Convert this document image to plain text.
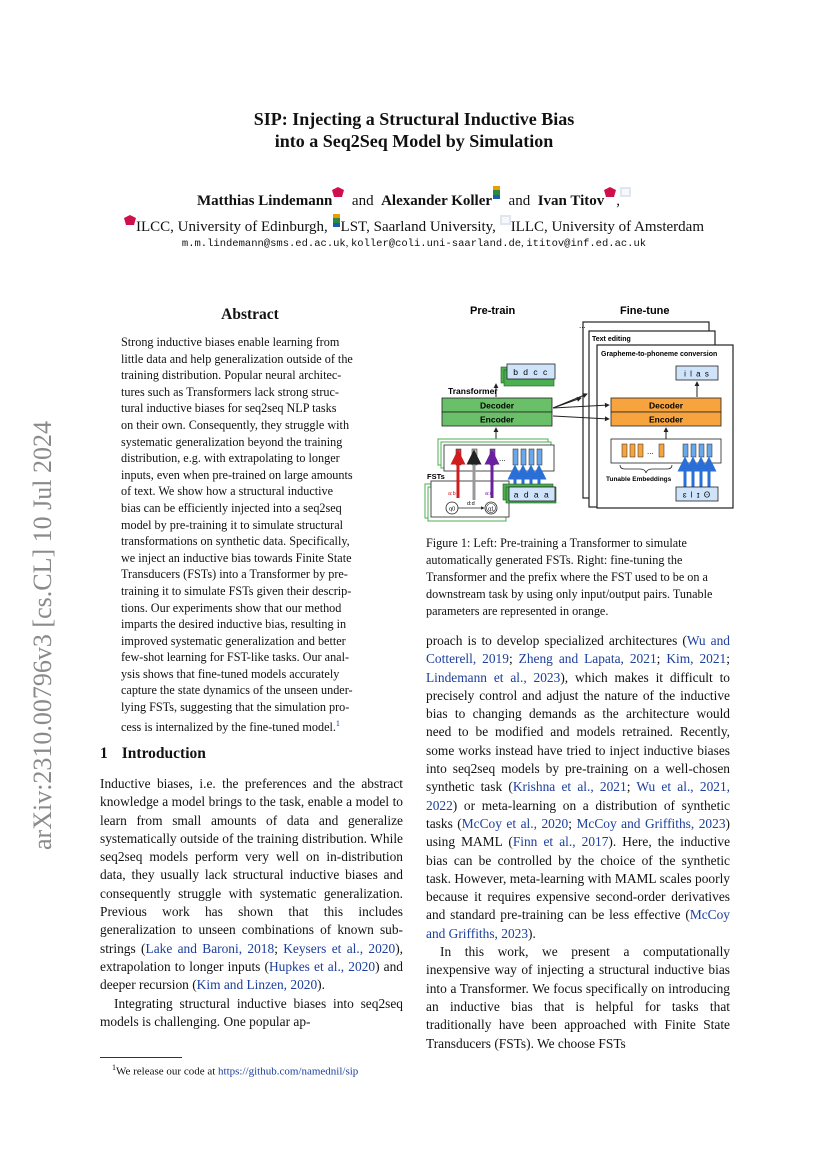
SIP: Injecting a Structural Inductive Bias
into a Seq2Seq Model by Simulation
Matthias Lindemann and Alexander Koller and Ivan Titov ,
ILCC, University of Edinburgh, LST, Saarland University, ILLC, University of Amsterdam
m.m.lindemann@sms.ed.ac.uk, koller@coli.uni-saarland.de, ititov@inf.ed.ac.uk
arXiv:2310.00796v3 [cs.CL] 10 Jul 2024
Abstract

Strong inductive biases enable learning from

little data and help generalization outside of the

training distribution. Popular neural architec-

tures such as Transformers lack strong struc-

tural inductive biases for seq2seq NLP tasks

on their own. Consequently, they struggle with

systematic generalization beyond the training

distribution, e.g. with extrapolating to longer

inputs, even when pre-trained on large amounts

of text. We show how a structural inductive

bias can be efficiently injected into a seq2seq

model by pre-training it to simulate structural

transformations on synthetic data. Specifically,

we inject an inductive bias towards Finite State

Transducers (FSTs) into a Transformer by pre-

training it to simulate FSTs given their descrip-

tions. Our experiments show that our method

imparts the desired inductive bias, resulting in

improved systematic generalization and better

few-shot learning for FST-like tasks. Our anal-

ysis shows that fine-tuned models accurately

capture the state dynamics of the unseen under-

lying FSTs, suggesting that the simulation pro-

cess is internalized by the fine-tuned model.$^1$

1 Introduction

Inductive biases, i.e. the preferences and the abstract knowledge a model brings to the task, enable a model to learn from small amounts of data and generalize systematically outside of the training distribution. While seq2seq models perform very well on in-distribution data, they usually lack structural inductive biases and consequently struggle with systematic generalization. Previous work has shown that this includes generalization to unseen combinations of known sub-strings (Lake and Baroni, 2018; Keysers et al., 2020), extrapolation to longer inputs (Hupkes et al., 2020) and deeper recursion (Kim and Linzen, 2020).

Integrating structural inductive biases into seq2seq models is challenging. One popular ap-

$^1$We release our code at https://github.com/namednil/sip
Pre-train	Fine-tune
...
Text editing
Grapheme-to-phoneme conversion
i l a s
Decoder
Encoder
...
Tunable Embeddings
ɛ l ɪ ʘ
b d c c
Transformer
Decoder
Encoder
...
FSTs
q0	q1
a:b
d:d
a:c	a d a a
Figure 1: Left: Pre-training a Transformer to simulate automatically generated FSTs. Right: fine-tuning the Transformer and the prefix where the FST used to be on a downstream task by using only input/output pairs. Tunable parameters are represented in orange.

proach is to develop specialized architectures (Wu and Cotterell, 2019; Zheng and Lapata, 2021; Kim, 2021; Lindemann et al., 2023), which makes it difficult to precisely control and adjust the nature of the inductive bias to changing demands as the architecture would need to be modified and models retrained. Recently, some works instead have tried to inject inductive biases into seq2seq models by pre-training on a well-chosen synthetic task (Krishna et al., 2021; Wu et al., 2021, 2022) or meta-learning on a distribution of synthetic tasks (McCoy et al., 2020; McCoy and Griffiths, 2023) using MAML (Finn et al., 2017). Here, the inductive bias can be controlled by the choice of the synthetic task. However, meta-learning with MAML scales poorly because it requires expensive second-order derivatives and standard pre-training can be less effective (McCoy and Griffiths, 2023).

In this work, we present a computationally inexpensive way of injecting a structural inductive bias into a Transformer. We focus specifically on introducing an inductive bias that is helpful for tasks that traditionally have been approached with Finite State Transducers (FSTs). We choose FSTs
